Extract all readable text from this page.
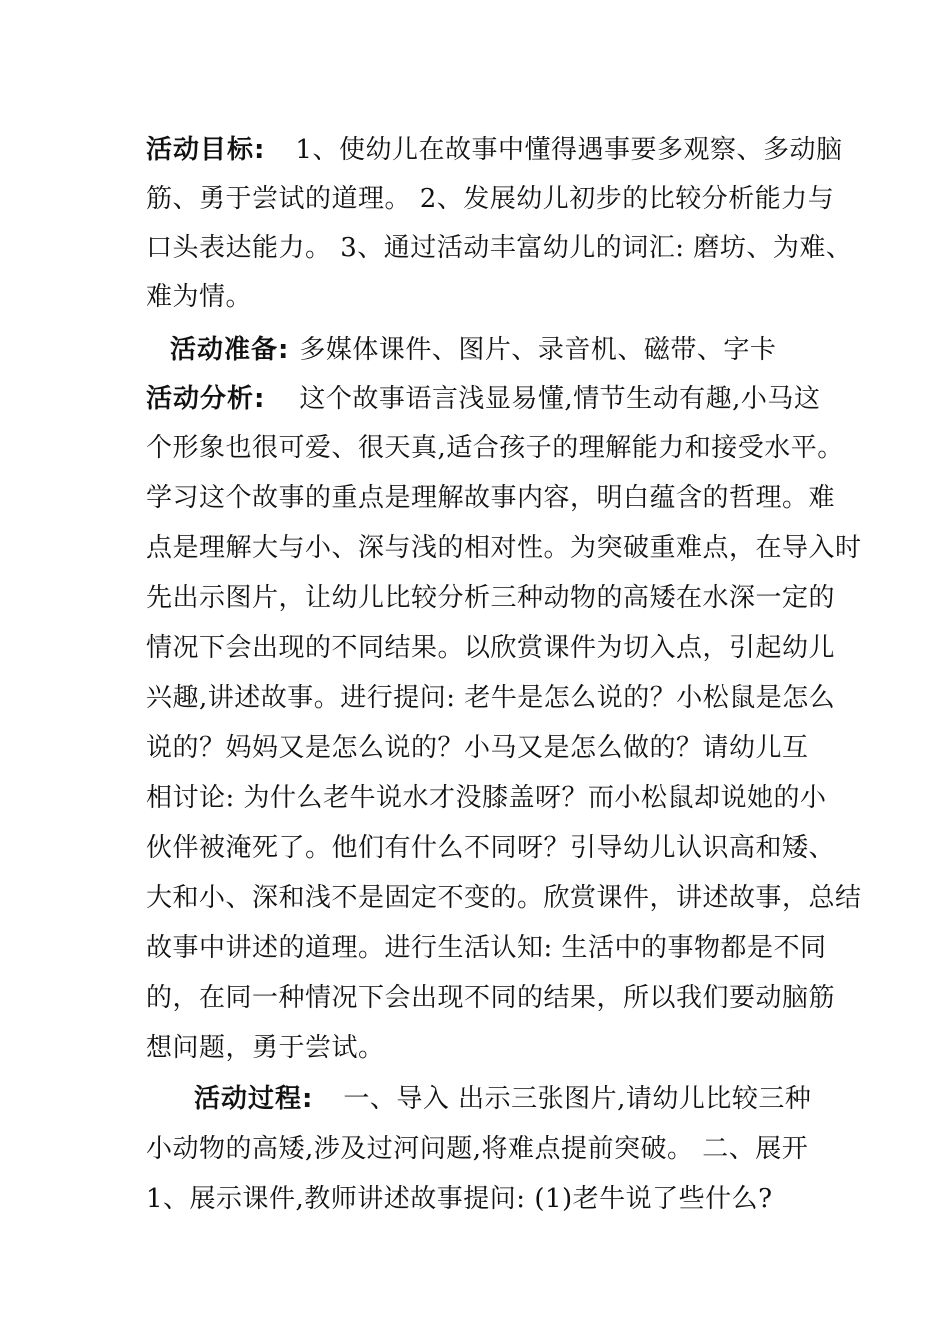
活动目标: 1、使幼儿在故事中懂得遇事要多观察、多动脑
筋、勇于尝试的道理。 2、发展幼儿初步的比较分析能力与
口头表达能力。 3、通过活动丰富幼儿的词汇: 磨坊、为难、
难为情。
活动准备: 多媒体课件、图片、录音机、磁带、字卡
活动分析: 这个故事语言浅显易懂,情节生动有趣,小马这
个形象也很可爱、很天真,适合孩子的理解能力和接受水平。
学习这个故事的重点是理解故事内容，明白蕴含的哲理。难
点是理解大与小、深与浅的相对性。为突破重难点，在导入时
先出示图片，让幼儿比较分析三种动物的高矮在水深一定的
情况下会出现的不同结果。以欣赏课件为切入点，引起幼儿
兴趣,讲述故事。进行提问: 老牛是怎么说的？小松鼠是怎么
说的？妈妈又是怎么说的？小马又是怎么做的？请幼儿互
相讨论: 为什么老牛说水才没膝盖呀？而小松鼠却说她的小
伙伴被淹死了。他们有什么不同呀？引导幼儿认识高和矮、
大和小、深和浅不是固定不变的。欣赏课件，讲述故事，总结
故事中讲述的道理。进行生活认知: 生活中的事物都是不同
的，在同一种情况下会出现不同的结果，所以我们要动脑筋
想问题，勇于尝试。
活动过程: 一、导入 出示三张图片,请幼儿比较三种
小动物的高矮,涉及过河问题,将难点提前突破。 二、展开
1、展示课件,教师讲述故事提问: (1)老牛说了些什么?
